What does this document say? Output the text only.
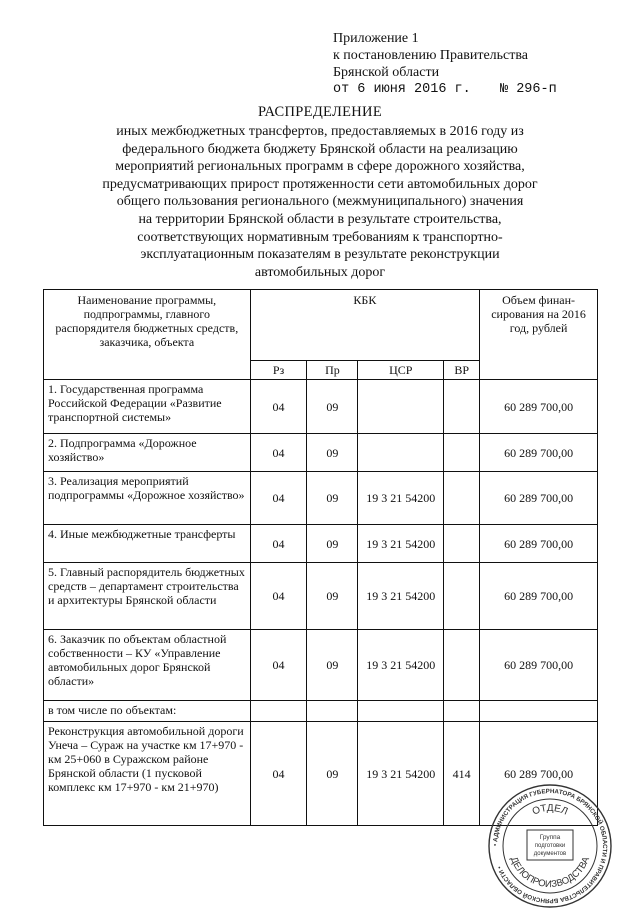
Приложение 1
к постановлению Правительства
Брянской области
от 6 июня 2016 г. № 296-п
РАСПРЕДЕЛЕНИЕ
иных межбюджетных трансфертов, предоставляемых в 2016 году из
федерального бюджета бюджету Брянской области на реализацию
мероприятий региональных программ в сфере дорожного хозяйства,
предусматривающих прирост протяженности сети автомобильных дорог
общего пользования регионального (межмуниципального) значения
на территории Брянской области в результате строительства,
соответствующих нормативным требованиям к транспортно-
эксплуатационным показателям в результате реконструкции
автомобильных дорог
Наименование программы, подпрограммы, главного распорядителя бюджетных средств, заказчика, объекта	КБК				Объем финан-сирования на 2016 год, рублей
	Рз	Пр	ЦСР	ВР	
1. Государственная программа Российской Федерации «Развитие транспортной системы»	04	09			60 289 700,00
2. Подпрограмма «Дорожное хозяйство»	04	09			60 289 700,00
3. Реализация мероприятий подпрограммы «Дорожное хозяйство»	04	09	19 3 21 54200		60 289 700,00
4. Иные межбюджетные трансферты	04	09	19 3 21 54200		60 289 700,00
5. Главный распорядитель бюджетных средств – департамент строительства и архитектуры Брянской области	04	09	19 3 21 54200		60 289 700,00
6. Заказчик по объектам областной собственности – КУ «Управление автомобильных дорог Брянской области»	04	09	19 3 21 54200		60 289 700,00
в том числе по объектам:					
Реконструкция автомобильной дороги Унеча – Сураж на участке км 17+970 - км 25+060 в Суражском районе Брянской области (1 пусковой комплекс км 17+970 - км 21+970)	04	09	19 3 21 54200	414	60 289 700,00
• АДМИНИСТРАЦИЯ ГУБЕРНАТОРА БРЯНСКОЙ ОБЛАСТИ И ПРАВИТЕЛЬСТВА БРЯНСКОЙ ОБЛАСТИ •
ОТДЕЛ
ДЕЛОПРОИЗВОДСТВА
Группа
подготовки
документов
